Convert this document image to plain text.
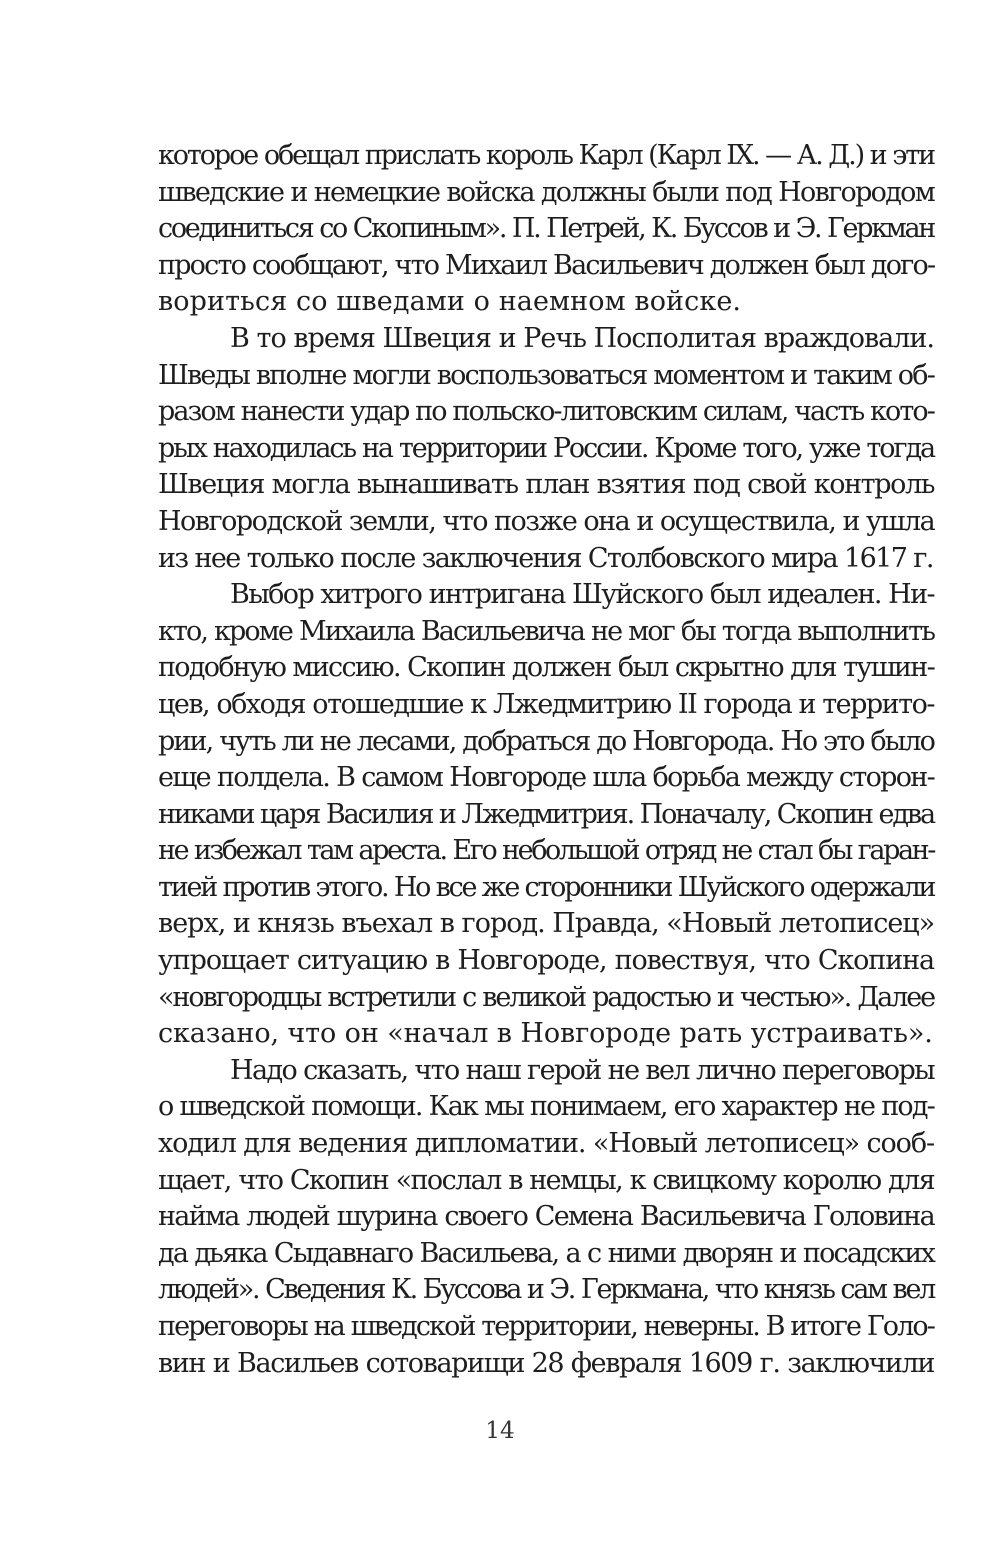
которое обещал прислать король Карл (Карл IX. — А. Д.) и эти
шведские и немецкие войска должны были под Новгородом
соединиться со Скопиным». П. Петрей, К. Буссов и Э. Геркман
просто сообщают, что Михаил Васильевич должен был дого-
вориться со шведами о наемном войске.
В то время Швеция и Речь Посполитая враждовали.
Шведы вполне могли воспользоваться моментом и таким об-
разом нанести удар по польско-литовским силам, часть кото-
рых находилась на территории России. Кроме того, уже тогда
Швеция могла вынашивать план взятия под свой контроль
Новгородской земли, что позже она и осуществила, и ушла
из нее только после заключения Столбовского мира 1617 г.
Выбор хитрого интригана Шуйского был идеален. Ни-
кто, кроме Михаила Васильевича не мог бы тогда выполнить
подобную миссию. Скопин должен был скрытно для тушин-
цев, обходя отошедшие к Лжедмитрию II города и террито-
рии, чуть ли не лесами, добраться до Новгорода. Но это было
еще полдела. В самом Новгороде шла борьба между сторон-
никами царя Василия и Лжедмитрия. Поначалу, Скопин едва
не избежал там ареста. Его небольшой отряд не стал бы гаран-
тией против этого. Но все же сторонники Шуйского одержали
верх, и князь въехал в город. Правда, «Новый летописец»
упрощает ситуацию в Новгороде, повествуя, что Скопина
«новгородцы встретили с великой радостью и честью». Далее
сказано, что он «начал в Новгороде рать устраивать».
Надо сказать, что наш герой не вел лично переговоры
о шведской помощи. Как мы понимаем, его характер не под-
ходил для ведения дипломатии. «Новый летописец» сооб-
щает, что Скопин «послал в немцы, к свицкому королю для
найма людей шурина своего Семена Васильевича Головина
да дьяка Сыдавнаго Васильева, а с ними дворян и посадских
людей». Сведения К. Буссова и Э. Геркмана, что князь сам вел
переговоры на шведской территории, неверны. В итоге Голо-
вин и Васильев сотоварищи 28 февраля 1609 г. заключили
14
